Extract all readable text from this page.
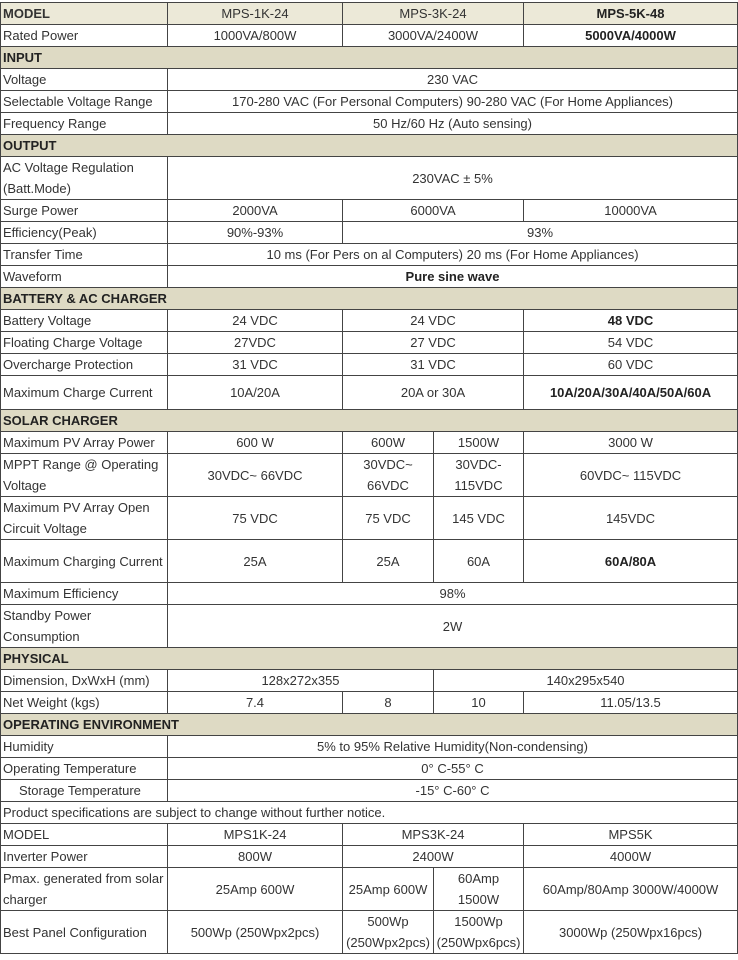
MODEL	MPS-1K-24	MPS-3K-24		MPS-5K-48
Rated Power	1000VA/800W	3000VA/2400W		5000VA/4000W
INPUT				
Voltage	230 VAC			
Selectable Voltage Range	170-280 VAC (For Personal Computers) 90-280 VAC (For Home Appliances)			
Frequency Range	50 Hz/60 Hz (Auto sensing)			
OUTPUT				
AC Voltage Regulation (Batt.Mode)	230VAC ± 5%			
Surge Power	2000VA	6000VA		10000VA
Efficiency(Peak)	90%-93%	93%		
Transfer Time	10 ms (For Pers on al Computers) 20 ms (For Home Appliances)			
Waveform	Pure sine wave			
BATTERY & AC CHARGER				
Battery Voltage	24 VDC	24 VDC		48 VDC
Floating Charge Voltage	27VDC	27 VDC		54 VDC
Overcharge Protection	31 VDC	31 VDC		60 VDC
Maximum Charge Current	10A/20A	20A or 30A		10A/20A/30A/40A/50A/60A
SOLAR CHARGER				
Maximum PV Array Power	600 W	600W	1500W	3000 W
MPPT Range @ Operating Voltage	30VDC~ 66VDC	30VDC~ 66VDC	30VDC- 115VDC	60VDC~ 115VDC
Maximum PV Array Open Circuit Voltage	75 VDC	75 VDC	145 VDC	145VDC
Maximum Charging Current	25A	25A	60A	60A/80A
Maximum Efficiency	98%			
Standby Power Consumption	2W			
PHYSICAL				
Dimension, DxWxH (mm)	128x272x355		140x295x540	
Net Weight (kgs)	7.4	8	10	11.05/13.5
OPERATING ENVIRONMENT				
Humidity	5% to 95% Relative Humidity(Non-condensing)			
Operating Temperature	0° C-55° C			
Storage Temperature	-15° C-60° C			
Product specifications are subject to change without further notice.				
MODEL	MPS1K-24	MPS3K-24		MPS5K
Inverter Power	800W	2400W		4000W
Pmax. generated from solar charger	25Amp 600W	25Amp 600W	60Amp 1500W	60Amp/80Amp 3000W/4000W
Best Panel Configuration	500Wp (250Wpx2pcs)	500Wp (250Wpx2pcs)	1500Wp (250Wpx6pcs)	3000Wp (250Wpx16pcs)
